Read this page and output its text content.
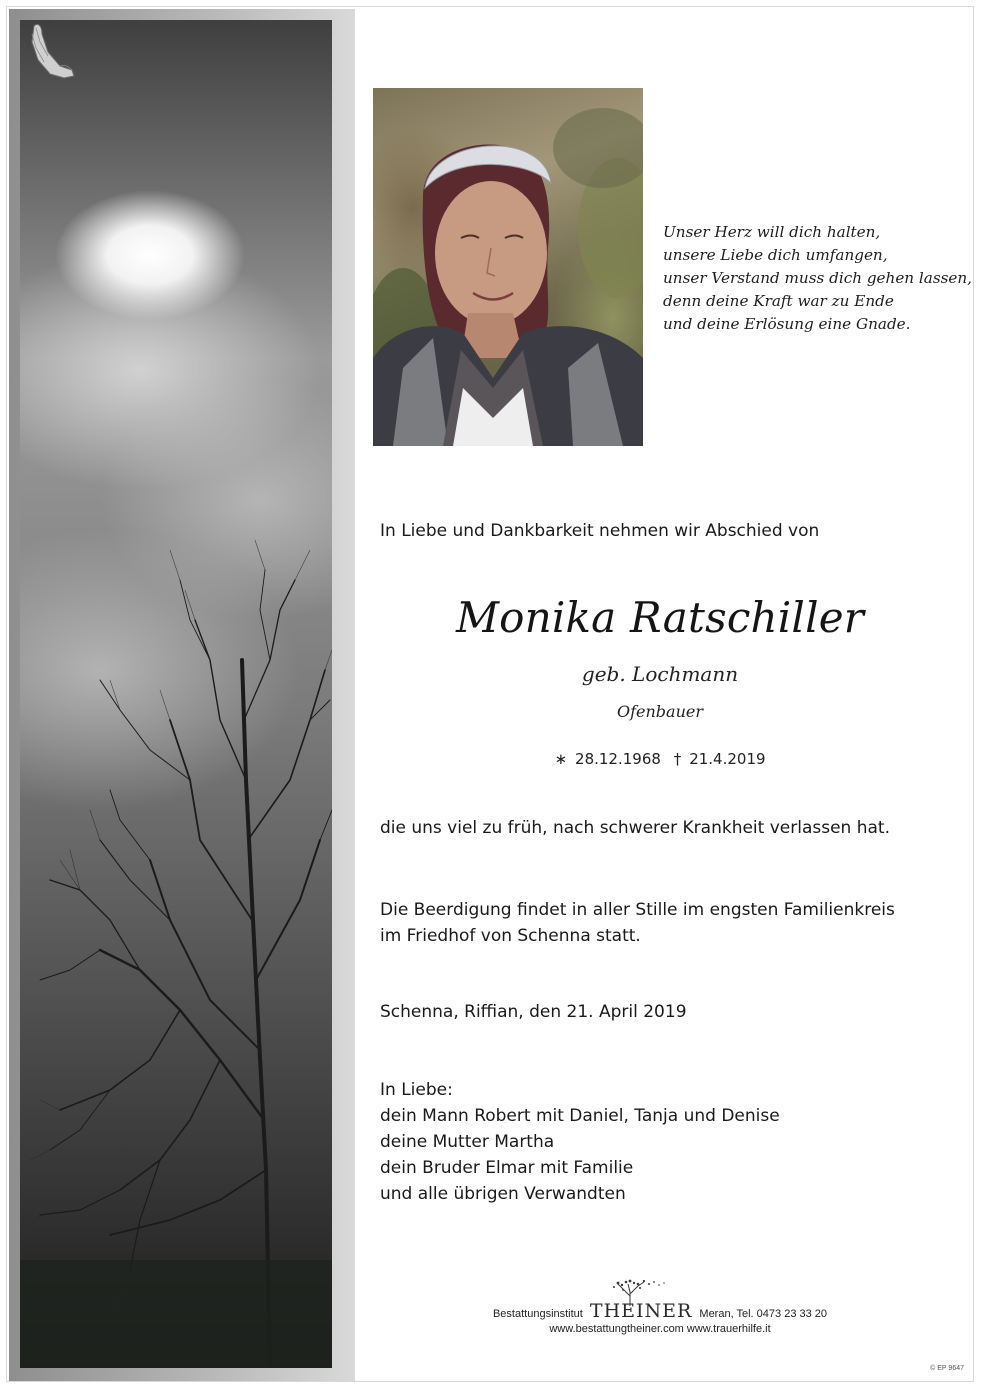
Unser Herz will dich halten,
unsere Liebe dich umfangen,
unser Verstand muss dich gehen lassen,
denn deine Kraft war zu Ende
und deine Erlösung eine Gnade.
In Liebe und Dankbarkeit nehmen wir Abschied von
Monika Ratschiller
geb. Lochmann
Ofenbauer
∗ 28.12.1968 † 21.4.2019
die uns viel zu früh, nach schwerer Krankheit verlassen hat.
Die Beerdigung findet in aller Stille im engsten Familienkreis
im Friedhof von Schenna statt.
Schenna, Riffian, den 21. April 2019
In Liebe:
dein Mann Robert mit Daniel, Tanja und Denise
deine Mutter Martha
dein Bruder Elmar mit Familie
und alle übrigen Verwandten
Bestattungsinstitut THEINER Meran, Tel. 0473 23 33 20
www.bestattungtheiner.com www.trauerhilfe.it
© EP 9647
